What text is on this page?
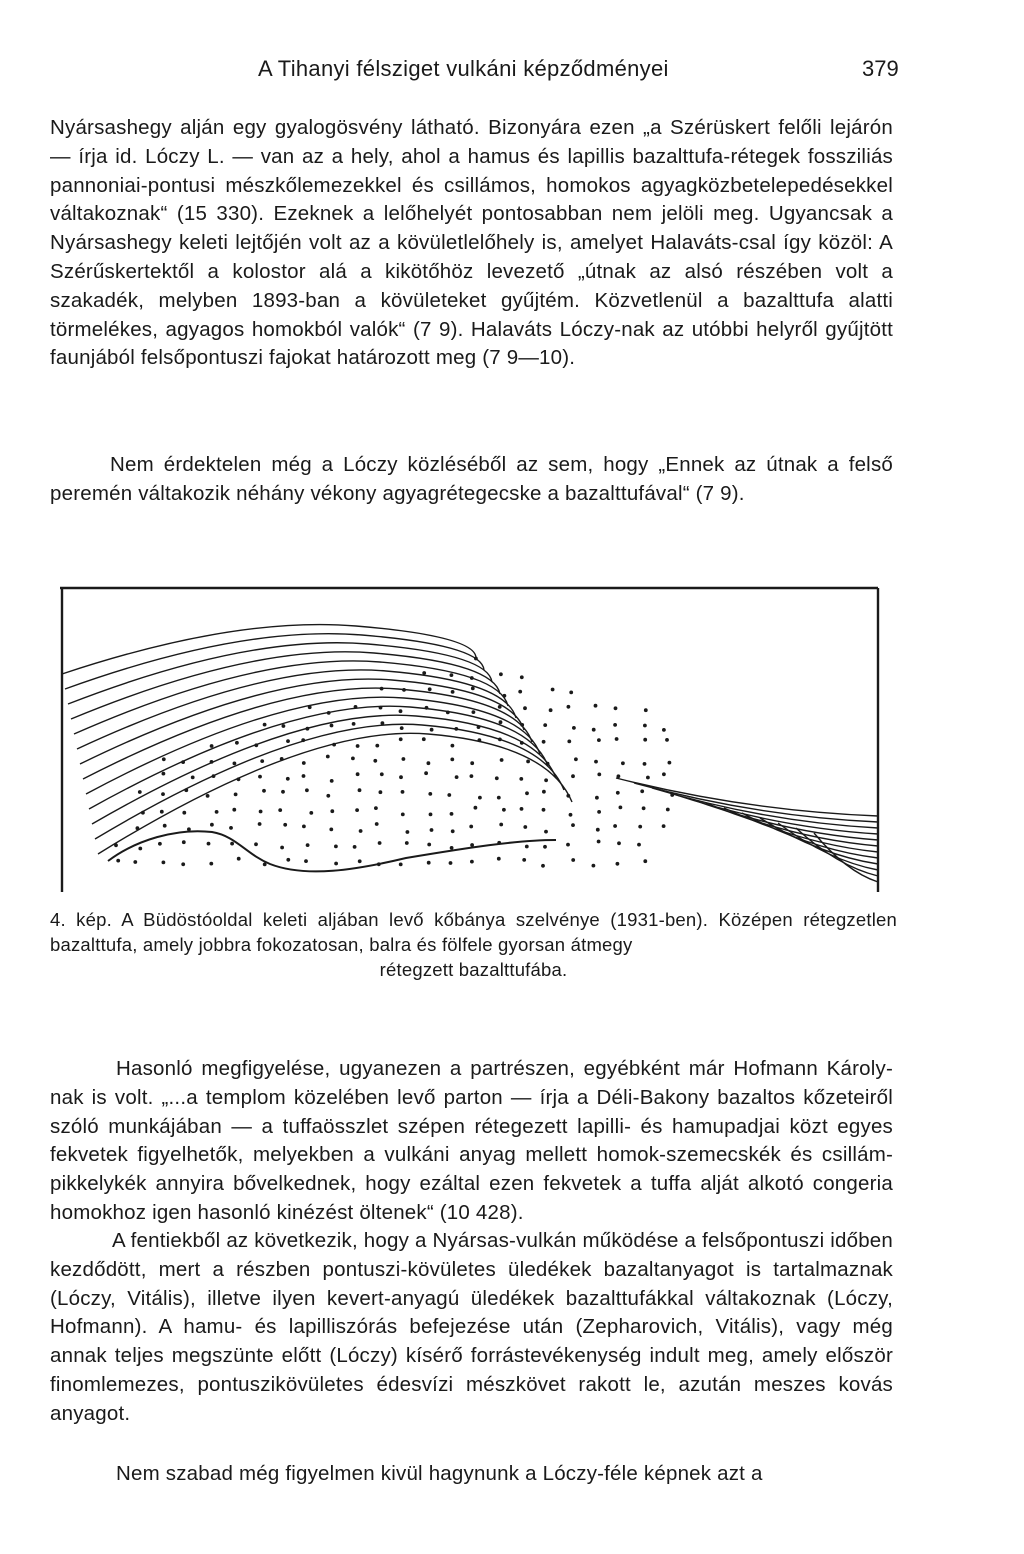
A Tihanyi félsziget vulkáni képződményei	379

Nyársashegy alján egy gyalogösvény látható. Bizonyára ezen „a Szérüskert felőli lejárón — írja id. Lóczy L. — van az a hely, ahol a hamus és lapillis bazalttufa-rétegek fossziliás pannoniai-pontusi mészkőlemezekkel és csillámos, homokos agyagközbetelepedésekkel váltakoznak“ (15 330). Ezeknek a lelőhelyét pontosabban nem jelöli meg. Ugyancsak a Nyársashegy keleti lejtőjén volt az a kövületlelőhely is, amelyet Halaváts-csal így közöl: A Szérűskertektől a kolostor alá a kikötőhöz levezető „útnak az alsó részében volt a szakadék, melyben 1893-ban a kövületeket gyűjtém. Közvetlenül a bazalttufa alatti törmelékes, agyagos homokból valók“ (7 9). Halaváts Lóczy-nak az utóbbi helyről gyűjtött faunjából felsőpontuszi fajokat határozott meg (7 9—10).

Nem érdektelen még a Lóczy közléséből az sem, hogy „Ennek az útnak a felső peremén váltakozik néhány vékony agyagrétegecske a bazalttufával“ (7 9).

4. kép. A Büdöstóoldal keleti aljában levő kőbánya szelvénye (1931-ben). Középen rétegzetlen bazalttufa, amely jobbra fokozatosan, balra és fölfele gyorsan átmegy
rétegzett bazalttufába.

Hasonló megfigyelése, ugyanezen a partrészen, egyébként már Hofmann Károly-nak is volt. „...a templom közelében levő parton — írja a Déli-Bakony bazaltos kőzeteiről szóló munkájában — a tuffaösszlet szépen rétegezett lapilli- és hamupadjai közt egyes fekvetek figyelhetők, melyekben a vulkáni anyag mellett homok-szemecskék és csillám-pikkelykék annyira bővelkednek, hogy ezáltal ezen fekvetek a tuffa alját alkotó congeria homokhoz igen hasonló kinézést öltenek“ (10 428).

A fentiekből az következik, hogy a Nyársas-vulkán működése a felsőpontuszi időben kezdődött, mert a részben pontuszi-kövületes üledékek bazaltanyagot is tartalmaznak (Lóczy, Vitális), illetve ilyen kevert-anyagú üledékek bazalttufákkal váltakoznak (Lóczy, Hofmann). A hamu- és lapilliszórás befejezése után (Zepharovich, Vitális), vagy még annak teljes megszünte előtt (Lóczy) kísérő forrástevékenység indult meg, amely először finomlemezes, pontuszikövületes édesvízi mészkövet rakott le, azután meszes kovás anyagot.

Nem szabad még figyelmen kivül hagynunk a Lóczy-féle képnek azt a
